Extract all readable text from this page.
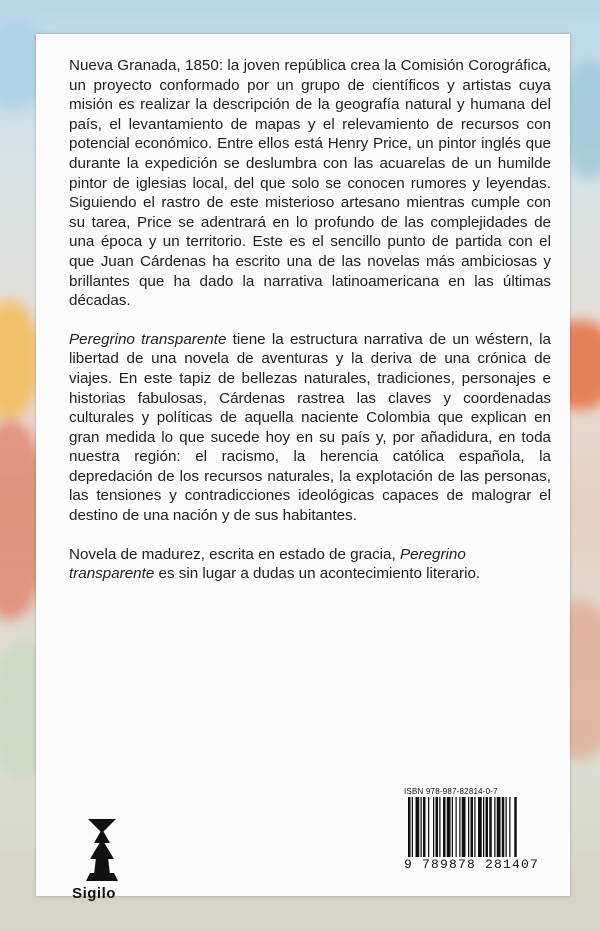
Nueva Granada, 1850: la joven república crea la Comisión Corográfica, un proyecto conformado por un grupo de científicos y artistas cuya misión es realizar la descripción de la geografía natural y humana del país, el levantamiento de mapas y el relevamiento de recursos con potencial económico. Entre ellos está Henry Price, un pintor inglés que durante la expedición se deslumbra con las acuarelas de un humilde pintor de iglesias local, del que solo se conocen rumores y leyendas. Siguiendo el rastro de este misterioso artesano mientras cumple con su tarea, Price se adentrará en lo profundo de las complejidades de una época y un territorio. Este es el sencillo punto de partida con el que Juan Cárdenas ha escrito una de las novelas más ambiciosas y brillantes que ha dado la narrativa latinoamericana en las últimas décadas.

Peregrino transparente tiene la estructura narrativa de un wéstern, la libertad de una novela de aventuras y la deriva de una crónica de viajes. En este tapiz de bellezas naturales, tradiciones, personajes e historias fabulosas, Cárdenas rastrea las claves y coordenadas culturales y políticas de aquella naciente Colombia que explican en gran medida lo que sucede hoy en su país y, por añadidura, en toda nuestra región: el racismo, la herencia católica española, la depredación de los recursos naturales, la explotación de las personas, las tensiones y contradicciones ideológicas capaces de malograr el destino de una nación y de sus habitantes.

Novela de madurez, escrita en estado de gracia, Peregrino transparente es sin lugar a dudas un acontecimiento literario.

Sigilo
ISBN 978-987-82814-0-7
9 789878 281407
